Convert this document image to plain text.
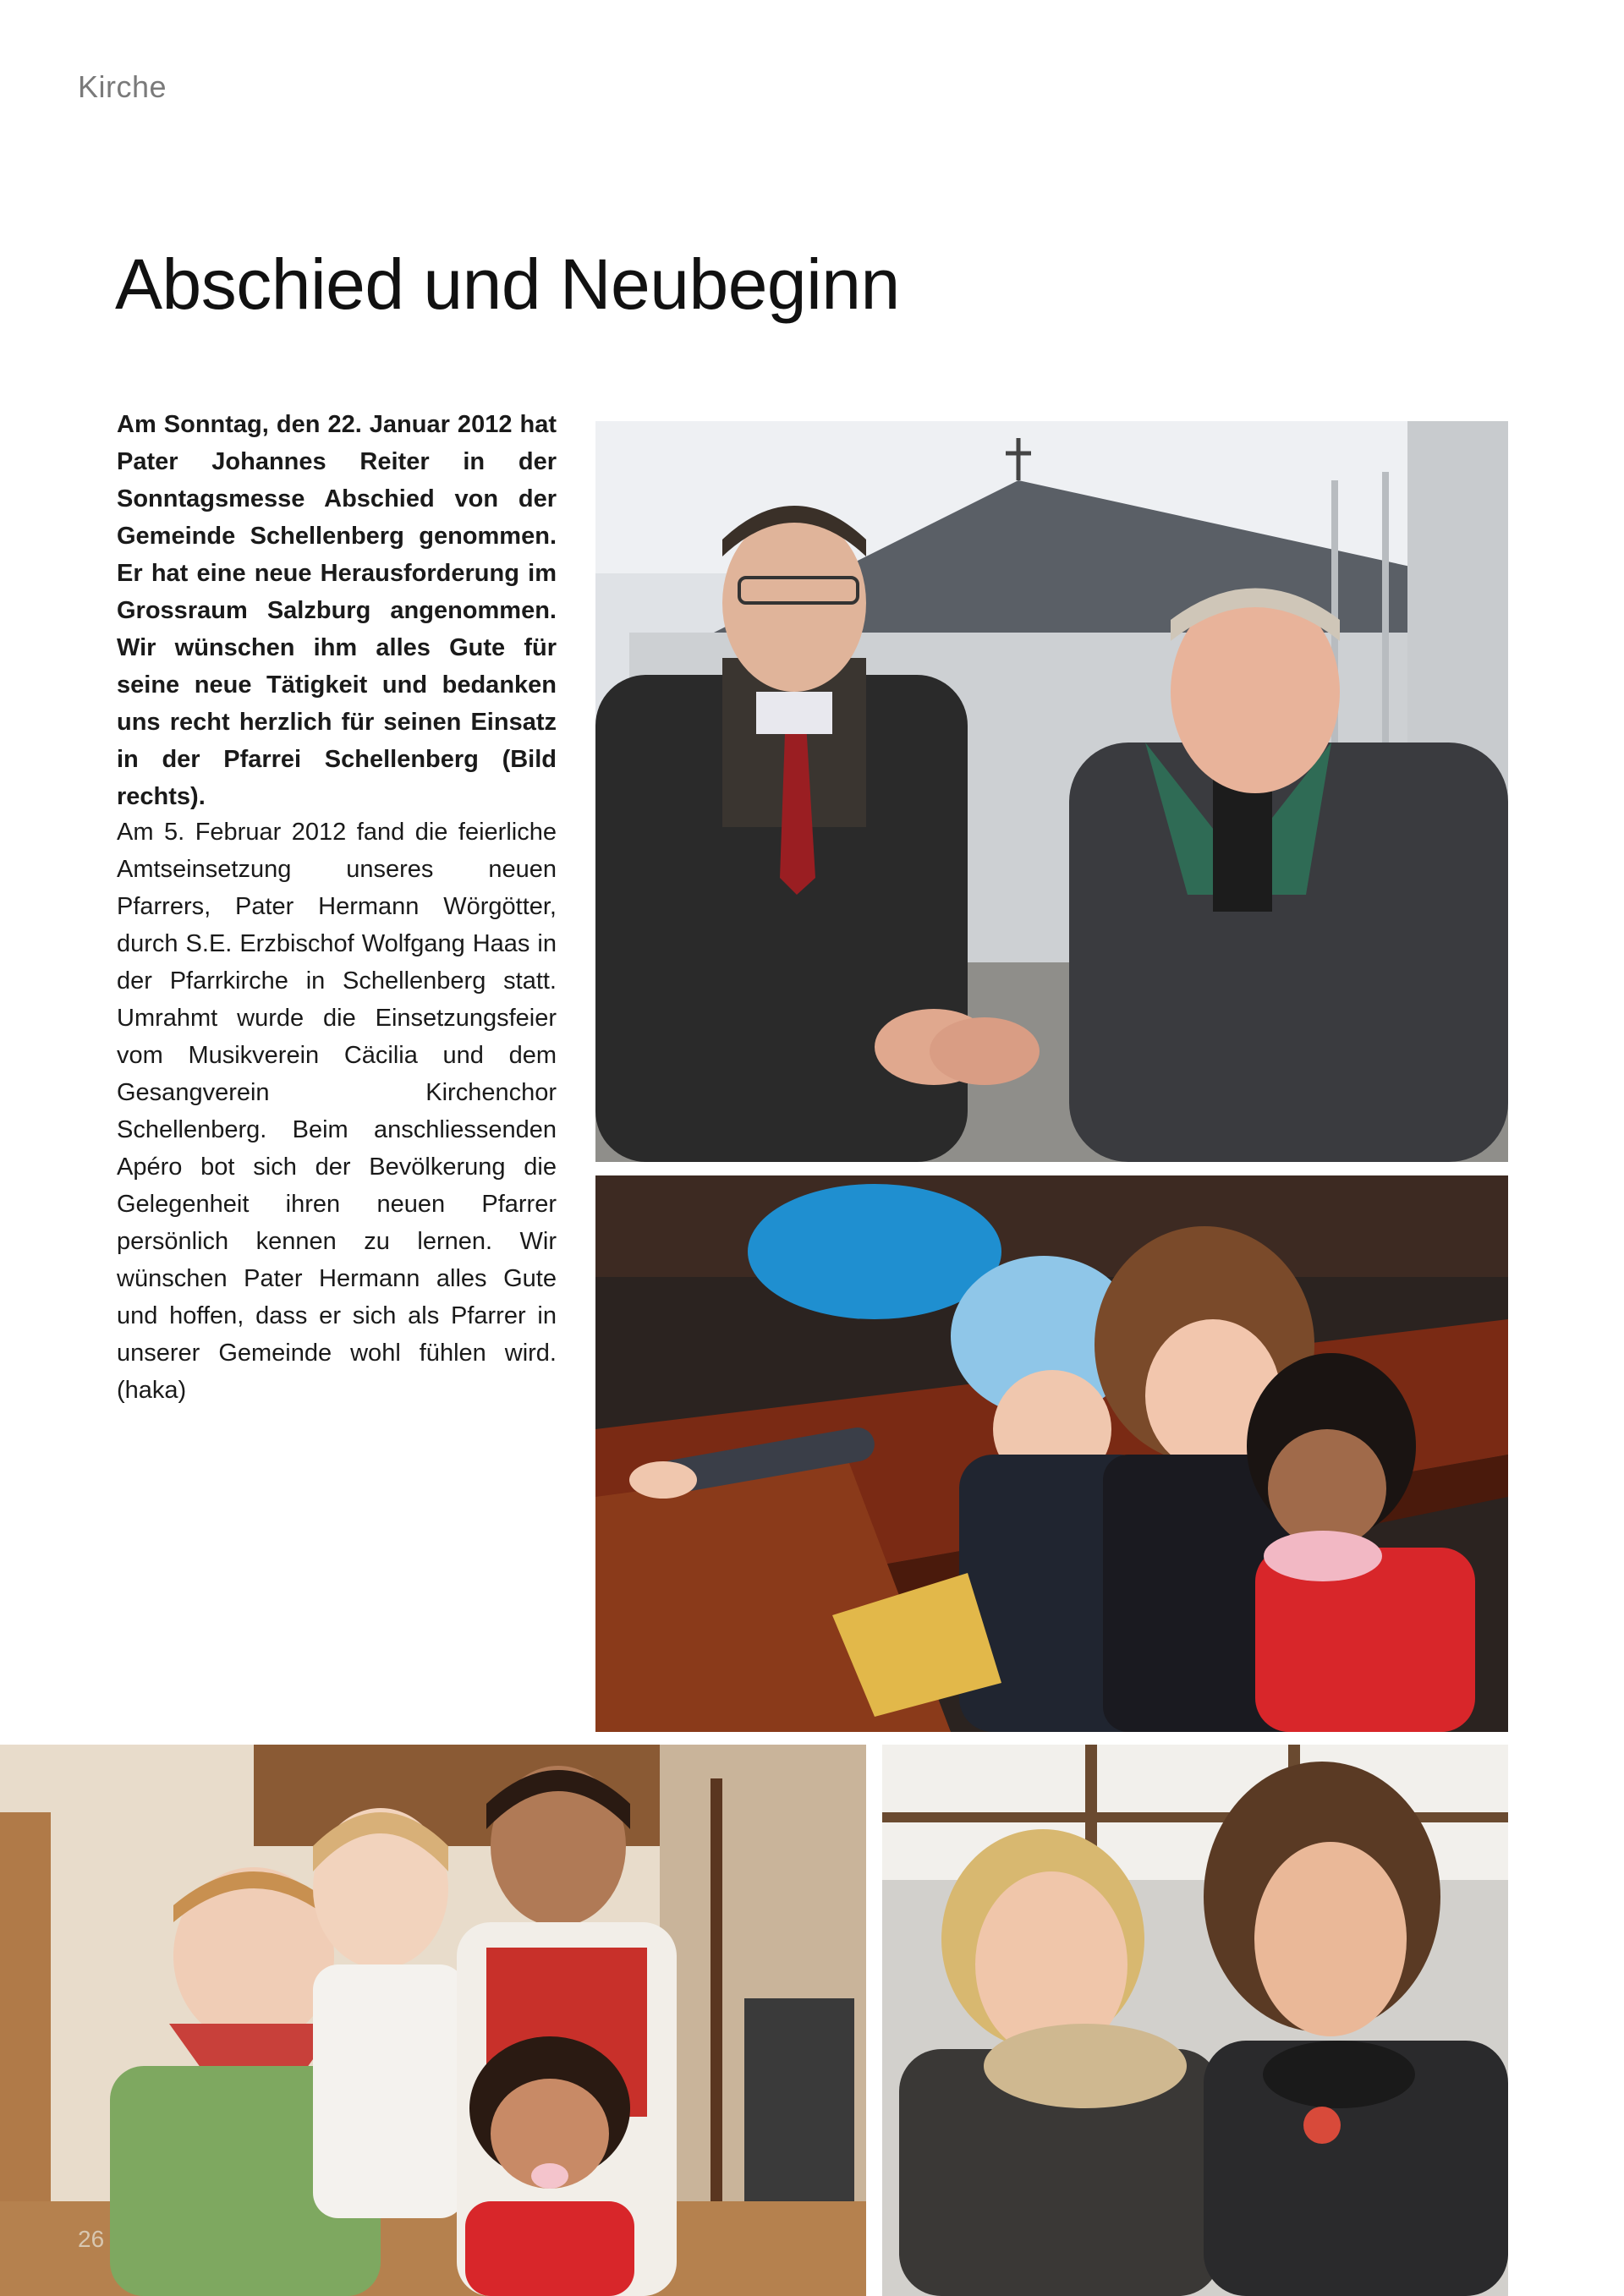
Kirche
Abschied und Neubeginn

Am Sonntag, den 22. Januar 2012 hat Pater Johannes Reiter in der Sonntagsmesse Abschied von der Gemeinde Schellenberg genommen. Er hat eine neue Herausforderung im Grossraum Salzburg angenommen. Wir wünschen ihm alles Gute für seine neue Tätigkeit und bedanken uns recht herzlich für seinen Einsatz in der Pfarrei Schellenberg (Bild rechts).

Am 5. Februar 2012 fand die feierliche Amtseinsetzung unseres neuen Pfarrers, Pater Hermann Wörgötter, durch S.E. Erzbischof Wolfgang Haas in der Pfarrkirche in Schellenberg statt. Umrahmt wurde die Einsetzungsfeier vom Musikverein Cäcilia und dem Gesangverein Kirchenchor Schellenberg. Beim anschliessenden Apéro bot sich der Bevölkerung die Gelegenheit ihren neuen Pfarrer persönlich kennen zu lernen. Wir wünschen Pater Hermann alles Gute und hoffen, dass er sich als Pfarrer in unserer Gemeinde wohl fühlen wird. (haka)

26
